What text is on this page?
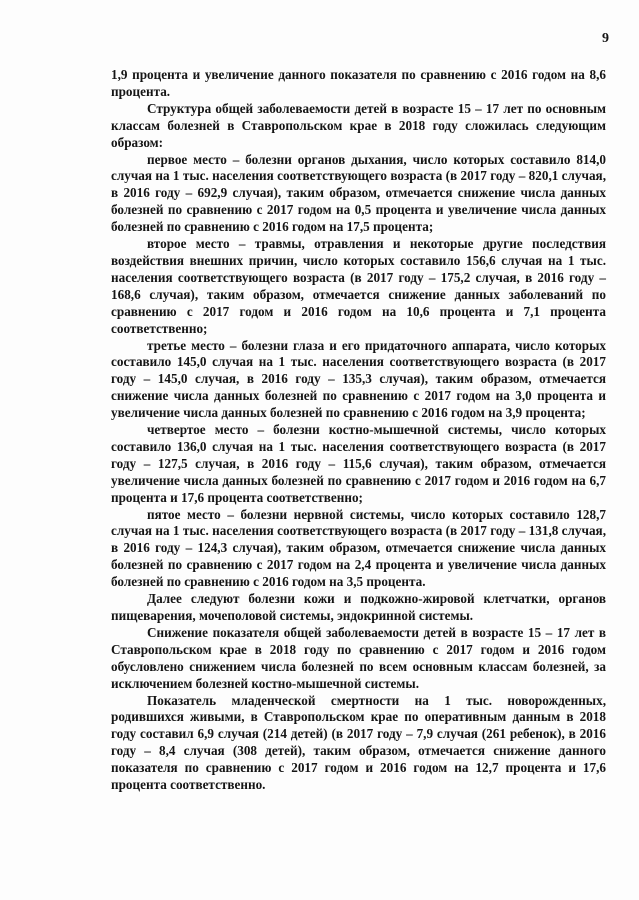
9

1,9 процента и увеличение данного показателя по сравнению с 2016 годом на 8,6 процента.

Структура общей заболеваемости детей в возрасте 15 – 17 лет по основным классам болезней в Ставропольском крае в 2018 году сложилась следующим образом:

первое место – болезни органов дыхания, число которых составило 814,0 случая на 1 тыс. населения соответствующего возраста (в 2017 году – 820,1 случая, в 2016 году – 692,9 случая), таким образом, отмечается снижение числа данных болезней по сравнению с 2017 годом на 0,5 процента и увеличение числа данных болезней по сравнению с 2016 годом на 17,5 процента;

второе место – травмы, отравления и некоторые другие последствия воздействия внешних причин, число которых составило 156,6 случая на 1 тыс. населения соответствующего возраста (в 2017 году – 175,2 случая, в 2016 году – 168,6 случая), таким образом, отмечается снижение данных заболеваний по сравнению с 2017 годом и 2016 годом на 10,6 процента и 7,1 процента соответственно;

третье место – болезни глаза и его придаточного аппарата, число которых составило 145,0 случая на 1 тыс. населения соответствующего возраста (в 2017 году – 145,0 случая, в 2016 году – 135,3 случая), таким образом, отмечается снижение числа данных болезней по сравнению с 2017 годом на 3,0 процента и увеличение числа данных болезней по сравнению с 2016 годом на 3,9 процента;

четвертое место – болезни костно-мышечной системы, число которых составило 136,0 случая на 1 тыс. населения соответствующего возраста (в 2017 году – 127,5 случая, в 2016 году – 115,6 случая), таким образом, отмечается увеличение числа данных болезней по сравнению с 2017 годом и 2016 годом на 6,7 процента и 17,6 процента соответственно;

пятое место – болезни нервной системы, число которых составило 128,7 случая на 1 тыс. населения соответствующего возраста (в 2017 году – 131,8 случая, в 2016 году – 124,3 случая), таким образом, отмечается снижение числа данных болезней по сравнению с 2017 годом на 2,4 процента и увеличение числа данных болезней по сравнению с 2016 годом на 3,5 процента.

Далее следуют болезни кожи и подкожно-жировой клетчатки, органов пищеварения, мочеполовой системы, эндокринной системы.

Снижение показателя общей заболеваемости детей в возрасте 15 – 17 лет в Ставропольском крае в 2018 году по сравнению с 2017 годом и 2016 годом обусловлено снижением числа болезней по всем основным классам болезней, за исключением болезней костно-мышечной системы.

Показатель младенческой смертности на 1 тыс. новорожденных, родившихся живыми, в Ставропольском крае по оперативным данным в 2018 году составил 6,9 случая (214 детей) (в 2017 году – 7,9 случая (261 ребенок), в 2016 году – 8,4 случая (308 детей), таким образом, отмечается снижение данного показателя по сравнению с 2017 годом и 2016 годом на 12,7 процента и 17,6 процента соответственно.
